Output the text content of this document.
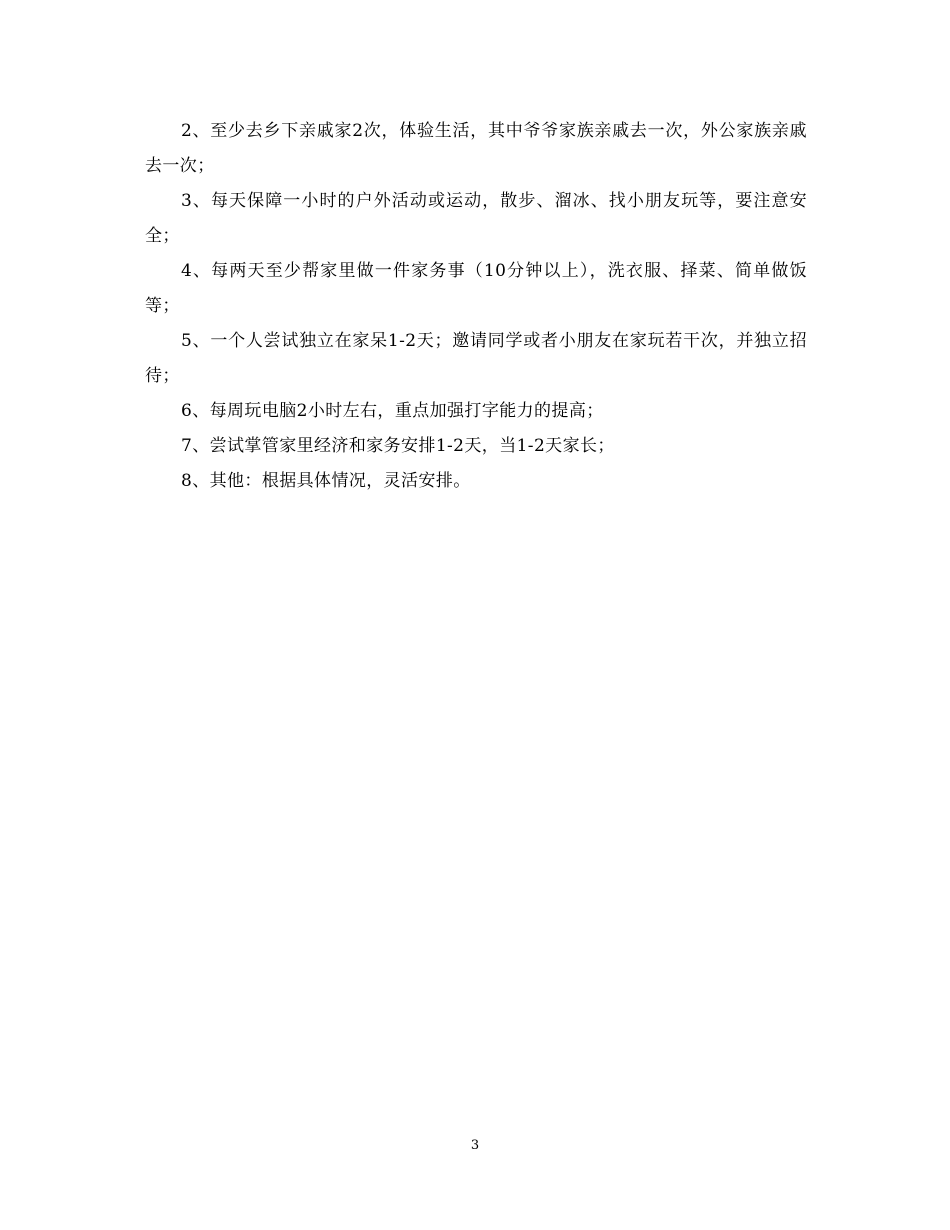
2、至少去乡下亲戚家2次，体验生活，其中爷爷家族亲戚去一次，外公家族亲戚去一次；

3、每天保障一小时的户外活动或运动，散步、溜冰、找小朋友玩等，要注意安全；

4、每两天至少帮家里做一件家务事（10分钟以上），洗衣服、择菜、简单做饭等；

5、一个人尝试独立在家呆1-2天；邀请同学或者小朋友在家玩若干次，并独立招待；

6、每周玩电脑2小时左右，重点加强打字能力的提高；

7、尝试掌管家里经济和家务安排1-2天，当1-2天家长；

8、其他：根据具体情况，灵活安排。

3
